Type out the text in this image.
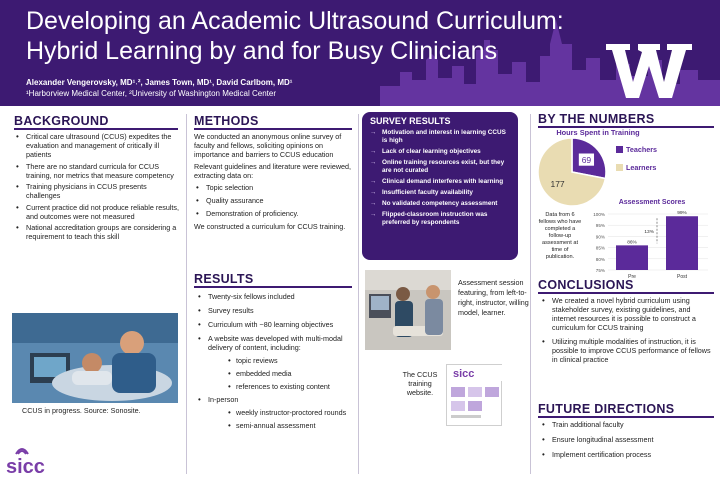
Developing an Academic Ultrasound Curriculum:
Hybrid Learning by and for Busy Clinicians
Alexander Vengerovsky, MD¹˒², James Town, MD¹, David Carlbom, MD¹
¹Harborview Medical Center, ²University of Washington Medical Center
BACKGROUND
• Critical care ultrasound (CCUS) expedites the evaluation and management of critically ill patients
• There are no standard curricula for CCUS training, nor metrics that measure competency
• Training physicians in CCUS presents challenges
• Current practice did not produce reliable results, and outcomes were not measured
• National accreditation groups are considering a requirement to teach this skill
CCUS in progress. Source: Sonosite.
METHODS

We conducted an anonymous online survey of faculty and fellows, soliciting opinions on importance and barriers to CCUS education

Relevant guidelines and literature were reviewed, extracting data on:

• Topic selection
• Quality assurance
• Demonstration of proficiency.

We constructed a curriculum for CCUS training.

RESULTS
• Twenty-six fellows included
• Survey results
• Curriculum with ~80 learning objectives
• A website was developed with multi-modal delivery of content, including:
• topic reviews
• embedded media
• references to existing content
• In-person
• weekly instructor-proctored rounds
• semi-annual assessment
SURVEY RESULTS
→ Motivation and interest in learning CCUS is high
→ Lack of clear learning objectives
→ Online training resources exist, but they are not curated
→ Clinical demand interferes with learning
→ Insufficient faculty availability
→ No validated competency assessment
→ Flipped-classroom instruction was preferred by respondents
Assessment session featuring, from left-to-right, instructor, willing model, learner.
The CCUS training website.
sicc
BY THE NUMBERS
Hours Spent in Training
69
177
Teachers
Learners
Data from 6 fellows who have completed a follow-up assessment at time of publication.
Assessment Scores
100%
95%
90%
85%
80%
75%
86%
Pre
99%
Post
13%
CONCLUSIONS
• We created a novel hybrid curriculum using stakeholder survey, existing guidelines, and internet resources it is possible to construct a curriculum for CCUS training
• Utilizing multiple modalities of instruction, it is possible to improve CCUS performance of fellows in clinical practice
FUTURE DIRECTIONS
• Train additional faculty
• Ensure longitudinal assessment
• Implement certification process
sicc
